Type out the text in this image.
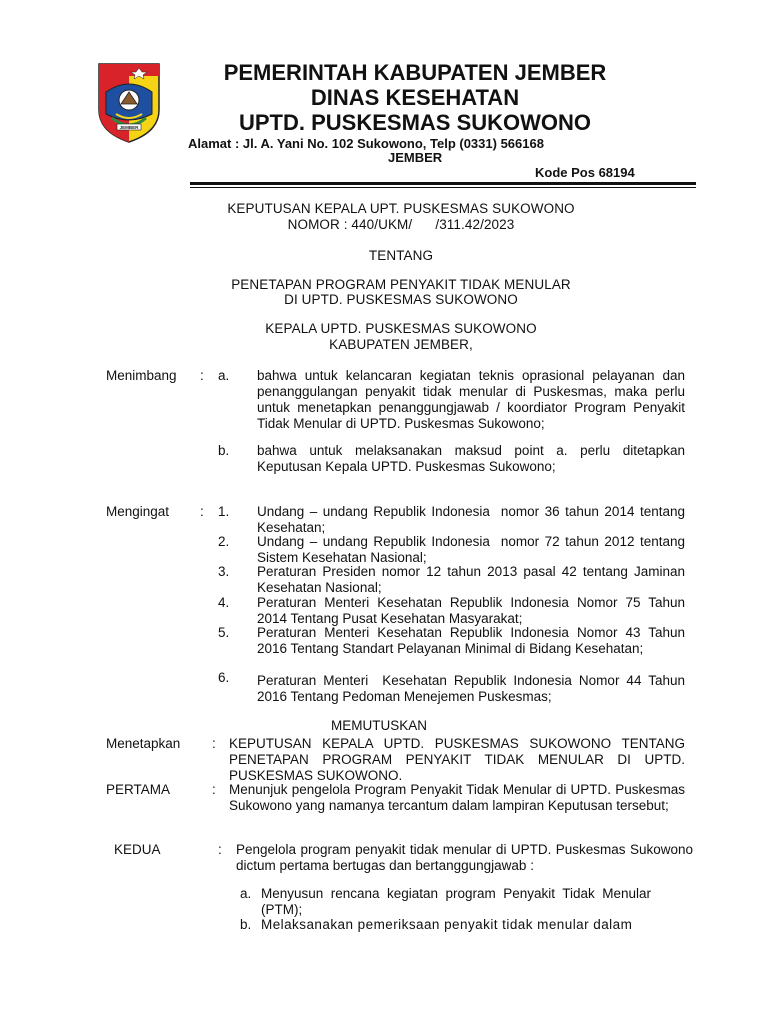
JEMBER
PEMERINTAH KABUPATEN JEMBER
DINAS KESEHATAN
UPTD. PUSKESMAS SUKOWONO
Alamat : Jl. A. Yani No. 102 Sukowono, Telp (0331) 566168
JEMBER
Kode Pos 68194
KEPUTUSAN KEPALA UPT. PUSKESMAS SUKOWONO
NOMOR : 440/UKM/      /311.42/2023
TENTANG
PENETAPAN PROGRAM PENYAKIT TIDAK MENULAR
DI UPTD. PUSKESMAS SUKOWONO
KEPALA UPTD. PUSKESMAS SUKOWONO
KABUPATEN JEMBER,
Menimbang : a. bahwa untuk kelancaran kegiatan teknis oprasional pelayanan dan penanggulangan penyakit tidak menular di Puskesmas, maka perlu untuk menetapkan penanggungjawab / koordiator Program Penyakit Tidak Menular di UPTD. Puskesmas Sukowono;
b. bahwa untuk melaksanakan maksud point a. perlu ditetapkan Keputusan Kepala UPTD. Puskesmas Sukowono;
Mengingat : 1. Undang – undang Republik Indonesia  nomor 36 tahun 2014 tentang Kesehatan;
2. Undang – undang Republik Indonesia  nomor 72 tahun 2012 tentang Sistem Kesehatan Nasional;
3. Peraturan Presiden nomor 12 tahun 2013 pasal 42 tentang Jaminan Kesehatan Nasional;
4. Peraturan Menteri Kesehatan Republik Indonesia Nomor 75 Tahun 2014 Tentang Pusat Kesehatan Masyarakat;
5. Peraturan Menteri Kesehatan Republik Indonesia Nomor 43 Tahun 2016 Tentang Standart Pelayanan Minimal di Bidang Kesehatan;
6. Peraturan Menteri  Kesehatan Republik Indonesia Nomor 44 Tahun 2016 Tentang Pedoman Menejemen Puskesmas;
MEMUTUSKAN
Menetapkan : KEPUTUSAN KEPALA UPTD. PUSKESMAS SUKOWONO TENTANG PENETAPAN PROGRAM PENYAKIT TIDAK MENULAR DI UPTD. PUSKESMAS SUKOWONO.
PERTAMA	: Menunjuk pengelola Program Penyakit Tidak Menular di UPTD. Puskesmas Sukowono yang namanya tercantum dalam lampiran Keputusan tersebut;
KEDUA	: Pengelola program penyakit tidak menular di UPTD. Puskesmas Sukowono dictum pertama bertugas dan bertanggungjawab :
a. Menyusun rencana kegiatan program Penyakit Tidak Menular (PTM);
b. Melaksanakan pemeriksaan penyakit tidak menular dalam
